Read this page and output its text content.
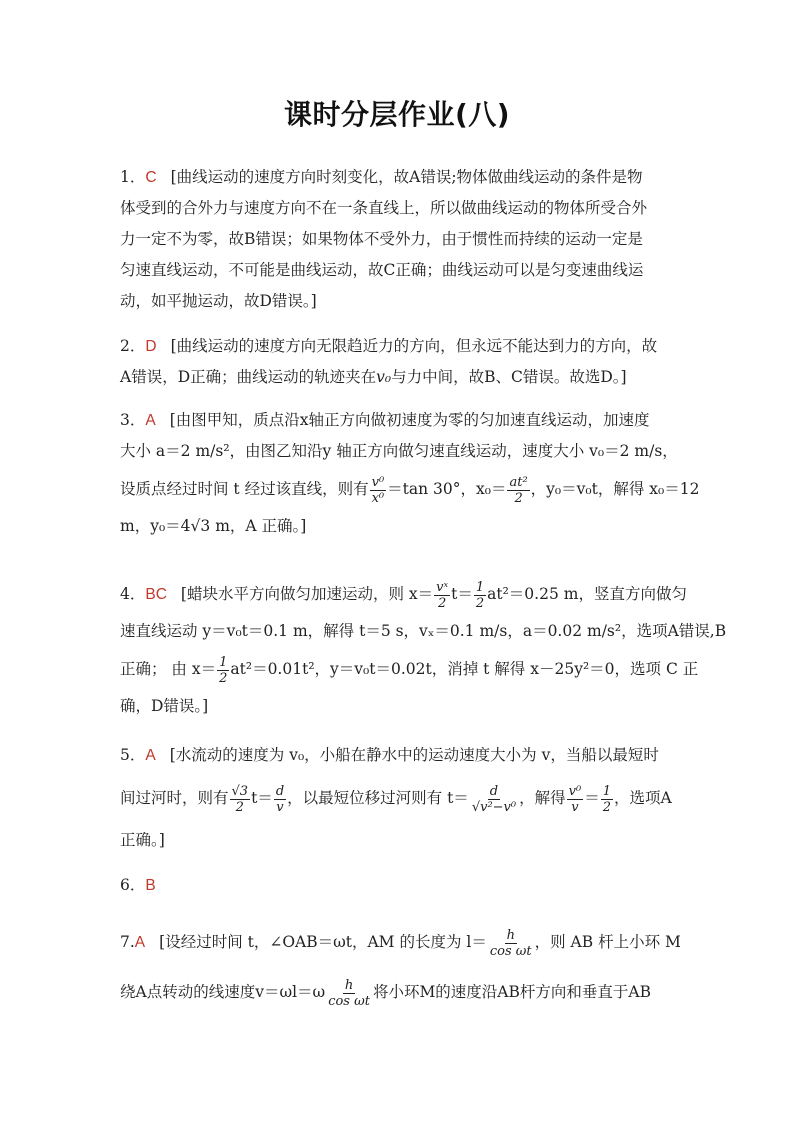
课时分层作业(八)
1．C [曲线运动的速度方向时刻变化，故A错误;物体做曲线运动的条件是物
体受到的合外力与速度方向不在一条直线上，所以做曲线运动的物体所受合外
力一定不为零，故B错误；如果物体不受外力，由于惯性而持续的运动一定是
匀速直线运动，不可能是曲线运动，故C正确；曲线运动可以是匀变速曲线运
动，如平抛运动，故D错误。]
2．D [曲线运动的速度方向无限趋近力的方向，但永远不能达到力的方向，故
A错误，D正确；曲线运动的轨迹夹在v₀与力中间，故B、C错误。故选D。]
3．A [由图甲知，质点沿x轴正方向做初速度为零的匀加速直线运动，加速度
大小 a＝2 m/s²，由图乙知沿y 轴正方向做匀速直线运动，速度大小 v₀＝2 m/s，
设质点经过时间 t 经过该直线，则有 $\frac{\text{v⁰}}{\text{x⁰}} =\tan$ 30°，$x_0= \frac{\text{at²}}{2}$ ，y₀＝v₀t，解得 x₀＝12
m，y₀＝4√3 m，A 正确。]
4．BC [蜡块水平方向做匀加速运动，则 $x= \frac{\text{vˣ}}{2} t= \frac{1}{2} at^2=0.25$ m，竖直方向做匀
速直线运动 y＝v₀t＝0.1 m，解得 t＝5 s，vₓ＝0.1 m/s，a＝0.02 m/s²，选项A错误,B
正确； 由 $x= \frac{1}{2} at^2=0.01t^2$，y＝v₀t＝0.02t，消掉 t 解得 x－25y²＝0，选项 C 正
确，D错误。]
5．A [水流动的速度为 v₀，小船在静水中的运动速度大小为 v，当船以最短时
间过河时，则有 $\frac{√3}{2} t= \frac{d}{v}$ ，以最短位移过河则有 $t= \frac{d}{\text{√v²−v⁰}}$ ，解得 $\frac{\text{v⁰}}{v} = \frac{1}{2}$ ，选项A
正确。]
6．B
7.A [设经过时间 t，∠OAB＝ωt，AM 的长度为 $l= \frac{h}{\text{cos ωt}}$ ，则 AB 杆上小环 M
绕A点转动的线速度$v=\omega l=\omega \frac{h}{\text{cos ωt}}$ 将小环M的速度沿AB杆方向和垂直于AB
